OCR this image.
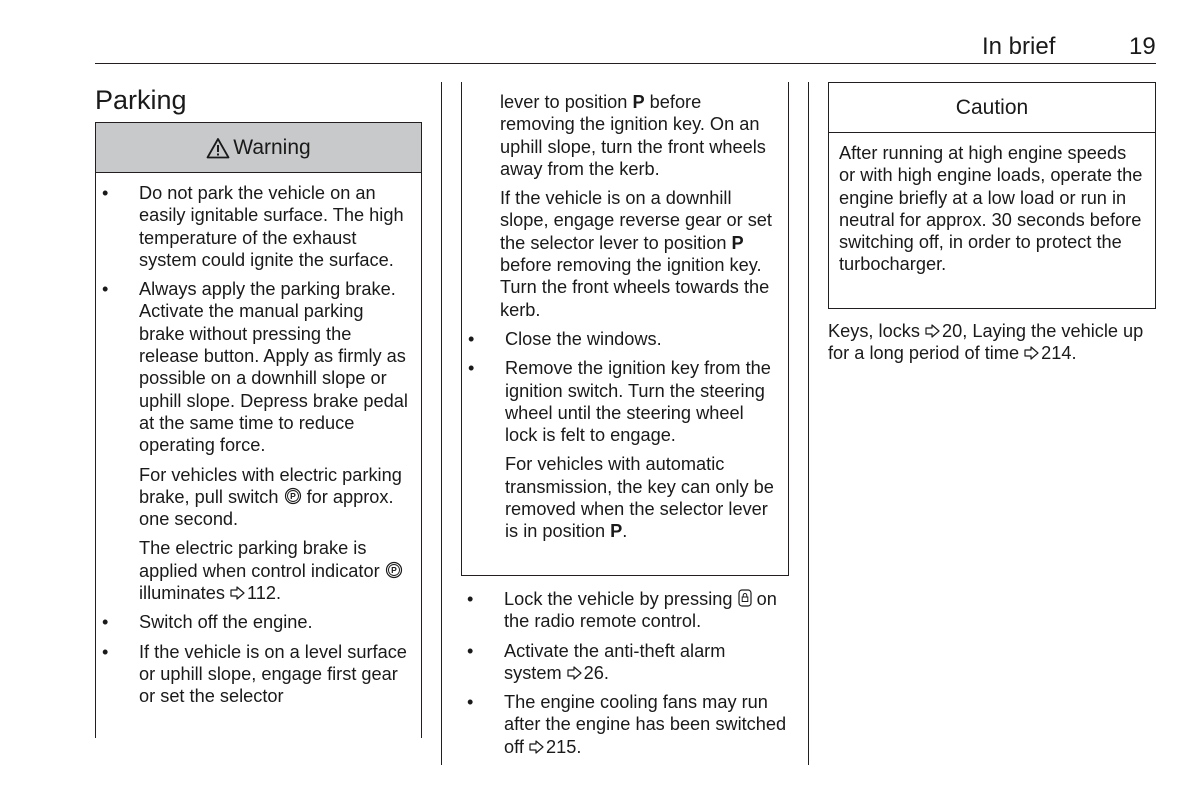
In brief	19
Parking
Warning
•	Do not park the vehicle on an easily ignitable surface. The high temperature of the exhaust system could ignite the surface.
•	Always apply the parking brake. Activate the manual parking brake without pressing the release button. Apply as firmly as possible on a downhill slope or uphill slope. Depress brake pedal at the same time to reduce operating force.
For vehicles with electric parking brake, pull switch P for approx. one second.
The electric parking brake is applied when control indicator P
illuminates 112.
•	Switch off the engine.
•	If the vehicle is on a level surface or uphill slope, engage first gear or set the selector
lever to position P before removing the ignition key. On an uphill slope, turn the front wheels away from the kerb.
If the vehicle is on a downhill slope, engage reverse gear or set the selector lever to position P before removing the ignition key. Turn the front wheels towards the kerb.
•	Close the windows.
•	Remove the ignition key from the ignition switch. Turn the steering wheel until the steering wheel lock is felt to engage.
For vehicles with automatic transmission, the key can only be removed when the selector lever is in position P.
•	Lock the vehicle by pressing on the radio remote control.
•	Activate the anti-theft alarm system 26.
•	The engine cooling fans may run after the engine has been switched off 215.
Caution
After running at high engine speeds or with high engine loads, operate the engine briefly at a low load or run in neutral for approx. 30 seconds before switching off, in order to protect the turbocharger.
Keys, locks 20, Laying the vehicle up for a long period of time 214.
